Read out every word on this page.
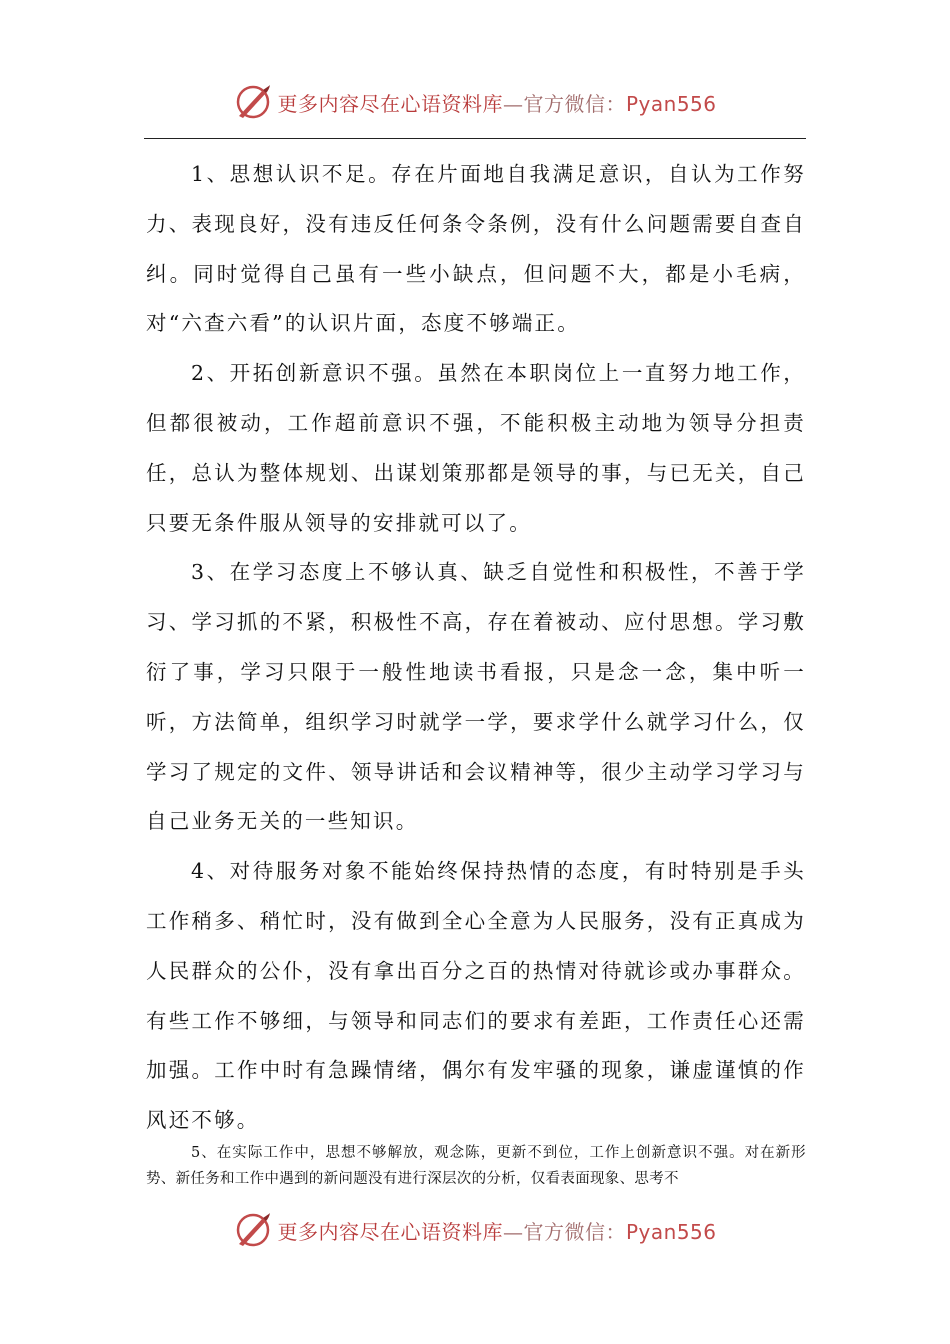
更多内容尽在心语资料库—官方微信：Pyan556

1、思想认识不足。存在片面地自我满足意识，自认为工作努力、表现良好，没有违反任何条令条例，没有什么问题需要自查自纠。同时觉得自己虽有一些小缺点，但问题不大，都是小毛病，对“六查六看”的认识片面，态度不够端正。

2、开拓创新意识不强。虽然在本职岗位上一直努力地工作，但都很被动，工作超前意识不强，不能积极主动地为领导分担责任，总认为整体规划、出谋划策那都是领导的事，与已无关，自己只要无条件服从领导的安排就可以了。

3、在学习态度上不够认真、缺乏自觉性和积极性，不善于学习、学习抓的不紧，积极性不高，存在着被动、应付思想。学习敷衍了事，学习只限于一般性地读书看报，只是念一念，集中听一听，方法简单，组织学习时就学一学，要求学什么就学习什么，仅学习了规定的文件、领导讲话和会议精神等，很少主动学习学习与自己业务无关的一些知识。

4、对待服务对象不能始终保持热情的态度，有时特别是手头工作稍多、稍忙时，没有做到全心全意为人民服务，没有正真成为人民群众的公仆，没有拿出百分之百的热情对待就诊或办事群众。有些工作不够细，与领导和同志们的要求有差距，工作责任心还需加强。工作中时有急躁情绪，偶尔有发牢骚的现象，谦虚谨慎的作风还不够。

5、在实际工作中，思想不够解放，观念陈，更新不到位，工作上创新意识不强。对在新形势、新任务和工作中遇到的新问题没有进行深层次的分析，仅看表面现象、思考不

更多内容尽在心语资料库—官方微信：Pyan556
